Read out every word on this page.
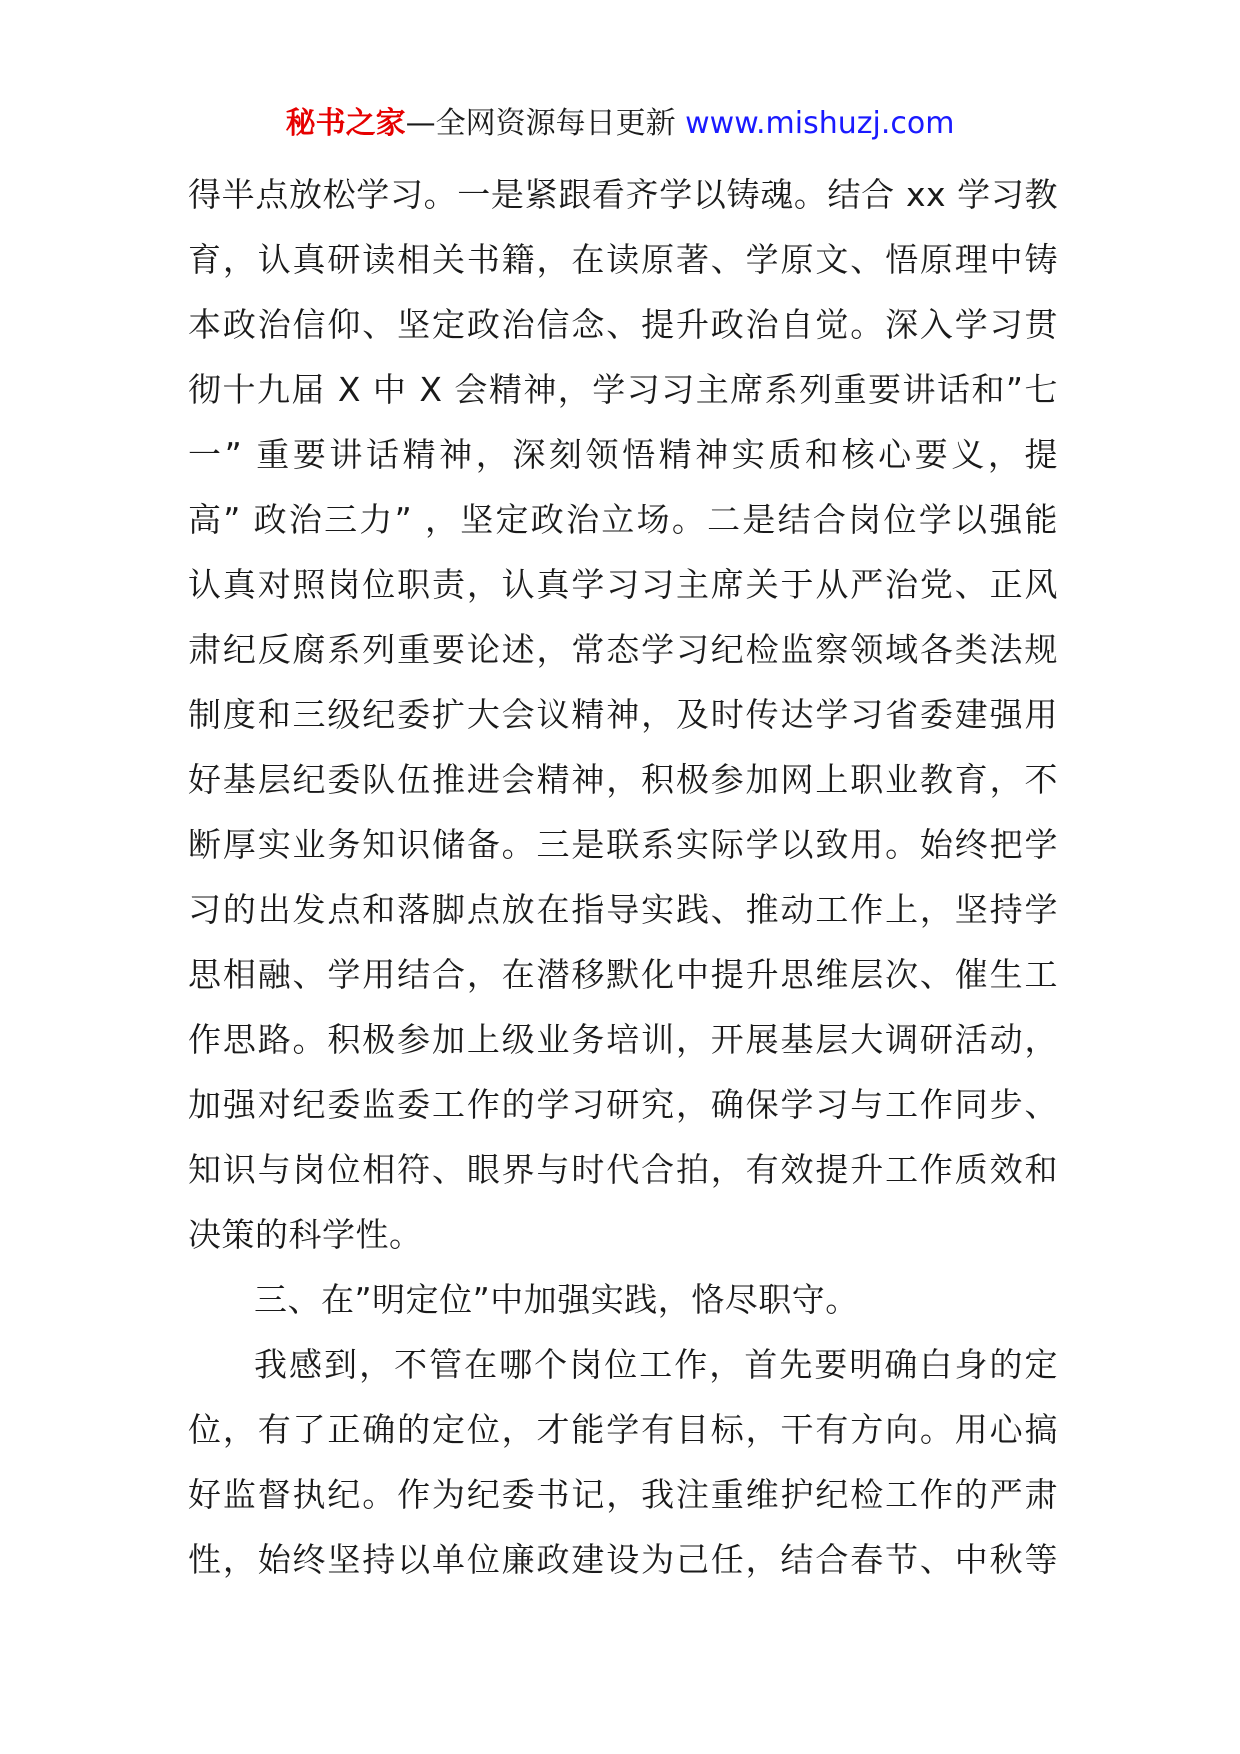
秘书之家—全网资源每日更新 www.mishuzj.com
得半点放松学习。一是紧跟看齐学以铸魂。结合 xx 学习教
育，认真研读相关书籍，在读原著、学原文、悟原理中铸
本政治信仰、坚定政治信念、提升政治自觉。深入学习贯
彻十九届 X 中 X 会精神，学习习主席系列重要讲话和”七
一” 重要讲话精神，深刻领悟精神实质和核心要义，提
高” 政治三力” ，坚定政治立场。二是结合岗位学以强能
认真对照岗位职责，认真学习习主席关于从严治党、正风
肃纪反腐系列重要论述，常态学习纪检监察领域各类法规
制度和三级纪委扩大会议精神，及时传达学习省委建强用
好基层纪委队伍推进会精神，积极参加网上职业教育，不
断厚实业务知识储备。三是联系实际学以致用。始终把学
习的出发点和落脚点放在指导实践、推动工作上，坚持学
思相融、学用结合，在潜移默化中提升思维层次、催生工
作思路。积极参加上级业务培训，开展基层大调研活动，
加强对纪委监委工作的学习研究，确保学习与工作同步、
知识与岗位相符、眼界与时代合拍，有效提升工作质效和
决策的科学性。
三、在”明定位”中加强实践，恪尽职守。
我感到，不管在哪个岗位工作，首先要明确白身的定
位，有了正确的定位，才能学有目标，干有方向。用心搞
好监督执纪。作为纪委书记，我注重维护纪检工作的严肃
性，始终坚持以单位廉政建设为己任，结合春节、中秋等
